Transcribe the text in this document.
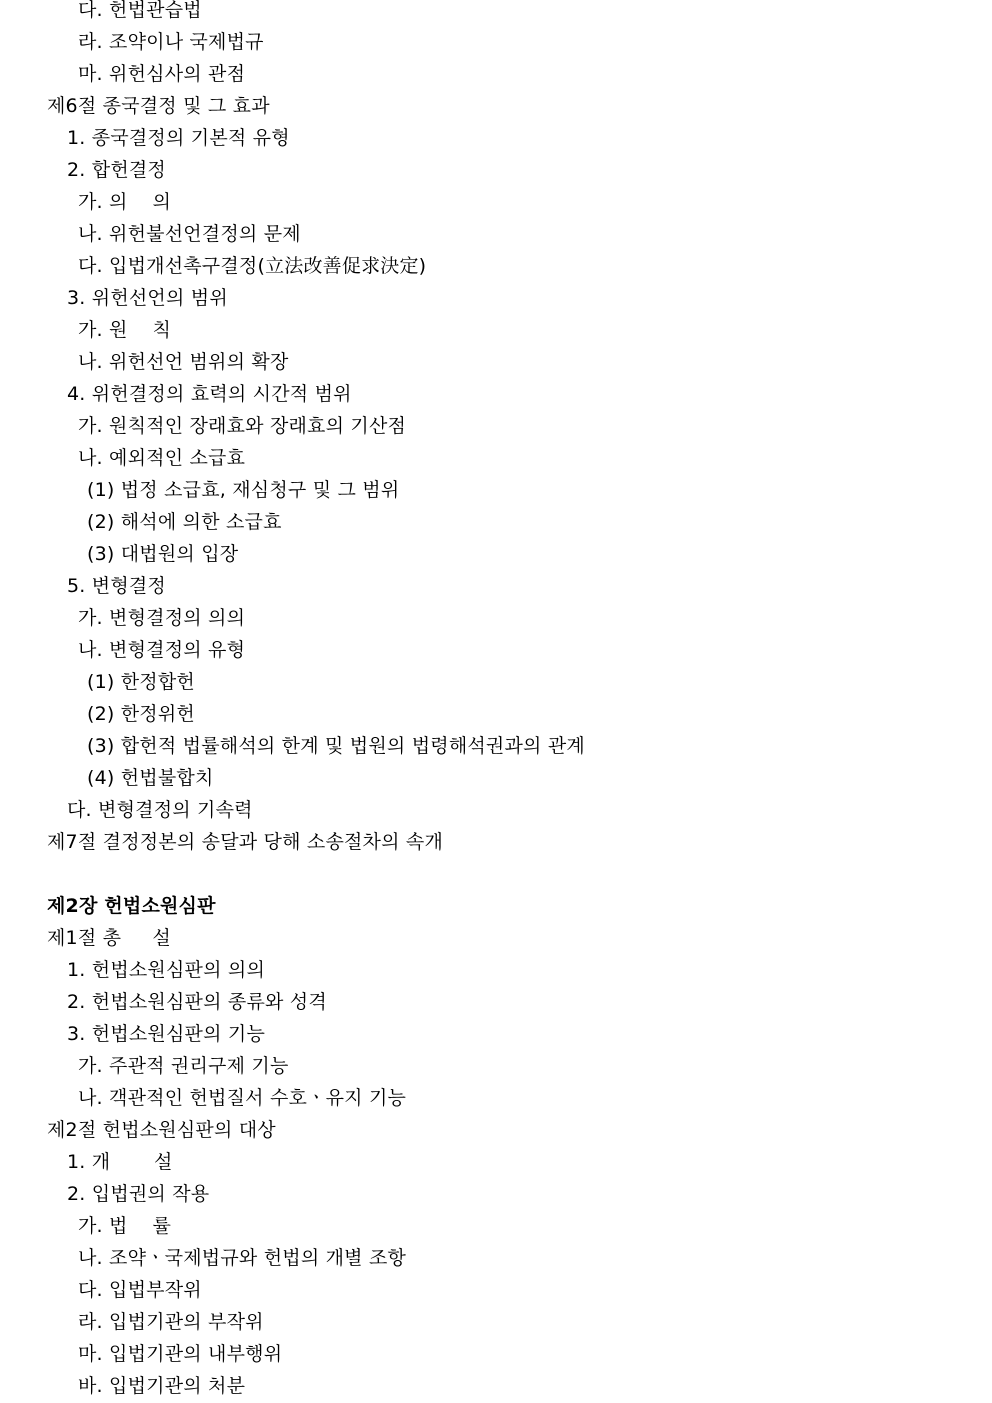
다. 헌법관습법
라. 조약이나 국제법규
마. 위헌심사의 관점
제6절 종국결정 및 그 효과
1. 종국결정의 기본적 유형
2. 합헌결정
가. 의    의
나. 위헌불선언결정의 문제
다. 입법개선촉구결정(立法改善促求決定)
3. 위헌선언의 범위
가. 원    칙
나. 위헌선언 범위의 확장
4. 위헌결정의 효력의 시간적 범위
가. 원칙적인 장래효와 장래효의 기산점
나. 예외적인 소급효
(1) 법정 소급효, 재심청구 및 그 범위
(2) 해석에 의한 소급효
(3) 대법원의 입장
5. 변형결정
가. 변형결정의 의의
나. 변형결정의 유형
(1) 한정합헌
(2) 한정위헌
(3) 합헌적 법률해석의 한계 및 법원의 법령해석권과의 관계
(4) 헌법불합치
다. 변형결정의 기속력
제7절 결정정본의 송달과 당해 소송절차의 속개
제2장 헌법소원심판
제1절 총     설
1. 헌법소원심판의 의의
2. 헌법소원심판의 종류와 성격
3. 헌법소원심판의 기능
가. 주관적 권리구제 기능
나. 객관적인 헌법질서 수호ㆍ유지 기능
제2절 헌법소원심판의 대상
1. 개       설
2. 입법권의 작용
가. 법    률
나. 조약ㆍ국제법규와 헌법의 개별 조항
다. 입법부작위
라. 입법기관의 부작위
마. 입법기관의 내부행위
바. 입법기관의 처분
